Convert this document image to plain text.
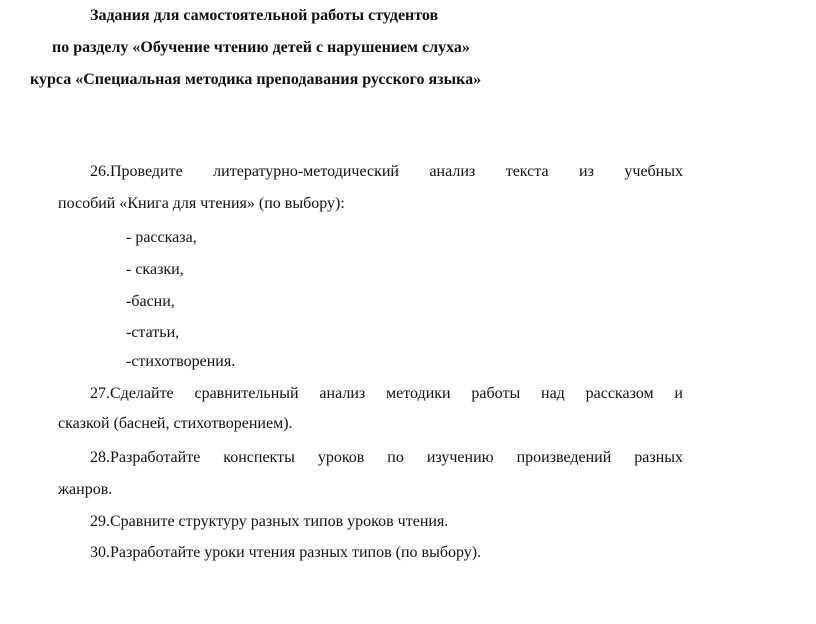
Задания для самостоятельной работы студентов
по разделу «Обучение чтению детей с нарушением слуха»
курса «Специальная методика преподавания русского языка»
26.Проведите литературно-методический анализ текста из учебных
пособий «Книга для чтения» (по выбору):
- рассказа,
- сказки,
-басни,
-статьи,
-стихотворения.
27.Сделайте сравнительный анализ методики работы над рассказом и
сказкой (басней, стихотворением).
28.Разработайте конспекты уроков по изучению произведений разных
жанров.
29.Сравните структуру разных типов уроков чтения.
30.Разработайте уроки чтения разных типов (по выбору).
